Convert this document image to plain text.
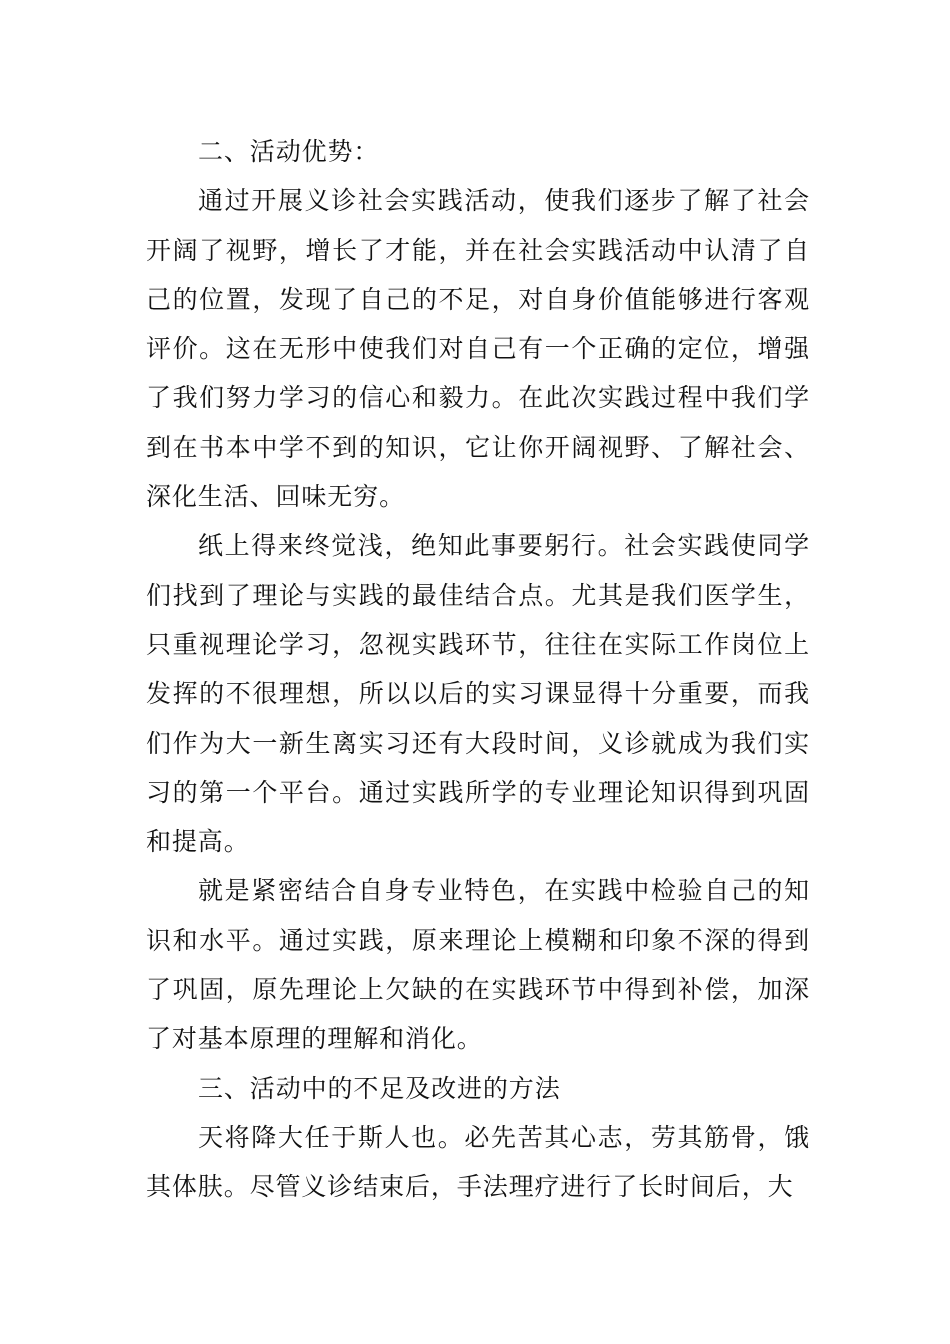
二、活动优势：

通过开展义诊社会实践活动，使我们逐步了解了社会开阔了视野，增长了才能，并在社会实践活动中认清了自己的位置，发现了自己的不足，对自身价值能够进行客观评价。这在无形中使我们对自己有一个正确的定位，增强了我们努力学习的信心和毅力。在此次实践过程中我们学到在书本中学不到的知识，它让你开阔视野、了解社会、深化生活、回味无穷。

纸上得来终觉浅，绝知此事要躬行。社会实践使同学们找到了理论与实践的最佳结合点。尤其是我们医学生，只重视理论学习，忽视实践环节，往往在实际工作岗位上发挥的不很理想，所以以后的实习课显得十分重要，而我们作为大一新生离实习还有大段时间，义诊就成为我们实习的第一个平台。通过实践所学的专业理论知识得到巩固和提高。

就是紧密结合自身专业特色，在实践中检验自己的知识和水平。通过实践，原来理论上模糊和印象不深的得到了巩固，原先理论上欠缺的在实践环节中得到补偿，加深了对基本原理的理解和消化。

三、活动中的不足及改进的方法

天将降大任于斯人也。必先苦其心志，劳其筋骨，饿其体肤。尽管义诊结束后，手法理疗进行了长时间后，大
